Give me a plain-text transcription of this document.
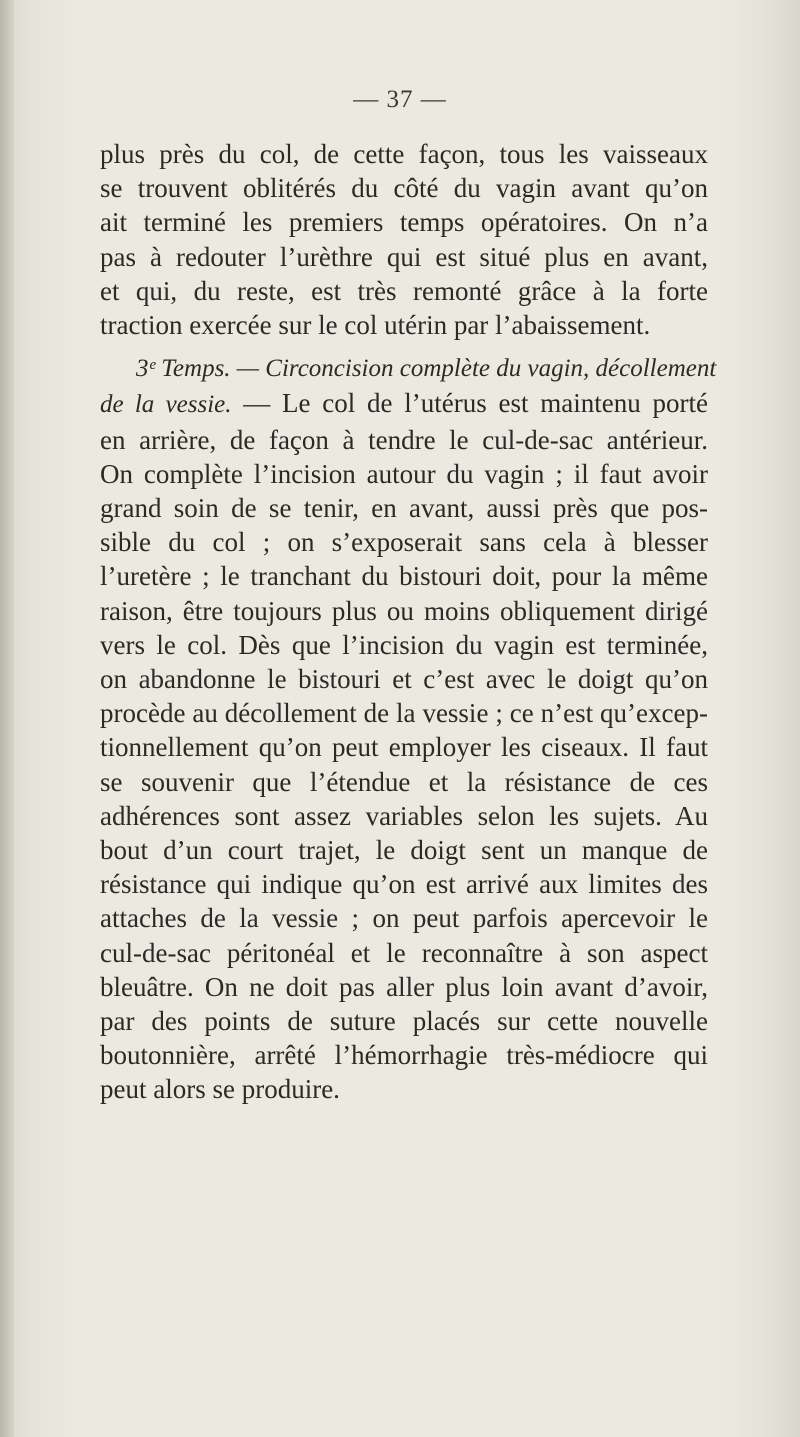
— 37 —
plus près du col, de cette façon, tous les vaisseaux
se trouvent oblitérés du côté du vagin avant qu’on
ait terminé les premiers temps opératoires. On n’a
pas à redouter l’urèthre qui est situé plus en avant,
et qui, du reste, est très remonté grâce à la forte
traction exercée sur le col utérin par l’abaissement.
3ᵉ Temps. — Circoncision complète du vagin, décollement
de la vessie. — Le col de l’utérus est maintenu porté
en arrière, de façon à tendre le cul-de-sac antérieur.
On complète l’incision autour du vagin ; il faut avoir
grand soin de se tenir, en avant, aussi près que pos-
sible du col ; on s’exposerait sans cela à blesser
l’uretère ; le tranchant du bistouri doit, pour la même
raison, être toujours plus ou moins obliquement dirigé
vers le col. Dès que l’incision du vagin est terminée,
on abandonne le bistouri et c’est avec le doigt qu’on
procède au décollement de la vessie ; ce n’est qu’excep-
tionnellement qu’on peut employer les ciseaux. Il faut
se souvenir que l’étendue et la résistance de ces
adhérences sont assez variables selon les sujets. Au
bout d’un court trajet, le doigt sent un manque de
résistance qui indique qu’on est arrivé aux limites des
attaches de la vessie ; on peut parfois apercevoir le
cul-de-sac péritonéal et le reconnaître à son aspect
bleuâtre. On ne doit pas aller plus loin avant d’avoir,
par des points de suture placés sur cette nouvelle
boutonnière, arrêté l’hémorrhagie très-médiocre qui
peut alors se produire.
